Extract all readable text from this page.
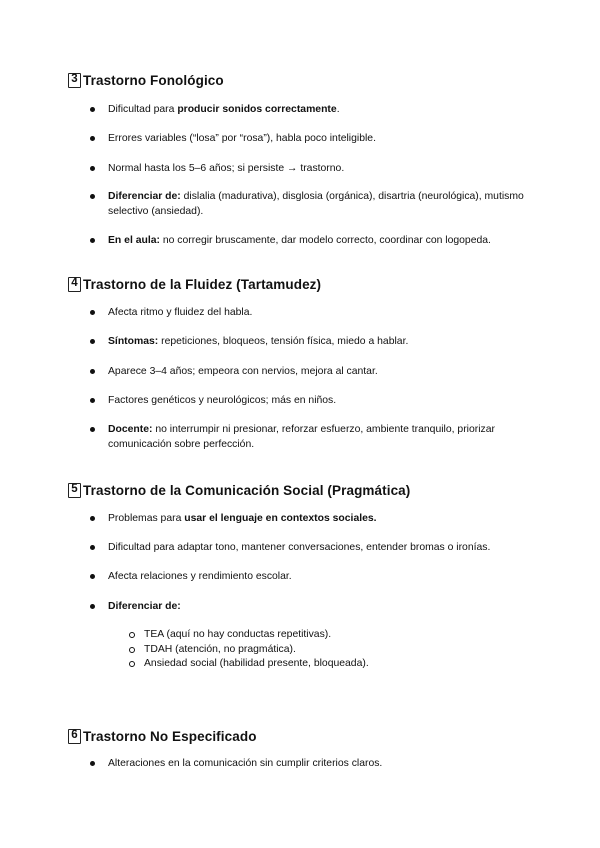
3 Trastorno Fonológico
Dificultad para producir sonidos correctamente.
Errores variables (“losa” por “rosa”), habla poco inteligible.
Normal hasta los 5–6 años; si persiste → trastorno.
Diferenciar de: dislalia (madurativa), disglosia (orgánica), disartria (neurológica), mutismo selectivo (ansiedad).
En el aula: no corregir bruscamente, dar modelo correcto, coordinar con logopeda.
4 Trastorno de la Fluidez (Tartamudez)
Afecta ritmo y fluidez del habla.
Síntomas: repeticiones, bloqueos, tensión física, miedo a hablar.
Aparece 3–4 años; empeora con nervios, mejora al cantar.
Factores genéticos y neurológicos; más en niños.
Docente: no interrumpir ni presionar, reforzar esfuerzo, ambiente tranquilo, priorizar comunicación sobre perfección.
5 Trastorno de la Comunicación Social (Pragmática)
Problemas para usar el lenguaje en contextos sociales.
Dificultad para adaptar tono, mantener conversaciones, entender bromas o ironías.
Afecta relaciones y rendimiento escolar.
Diferenciar de:
TEA (aquí no hay conductas repetitivas).
TDAH (atención, no pragmática).
Ansiedad social (habilidad presente, bloqueada).
6 Trastorno No Especificado
Alteraciones en la comunicación sin cumplir criterios claros.
